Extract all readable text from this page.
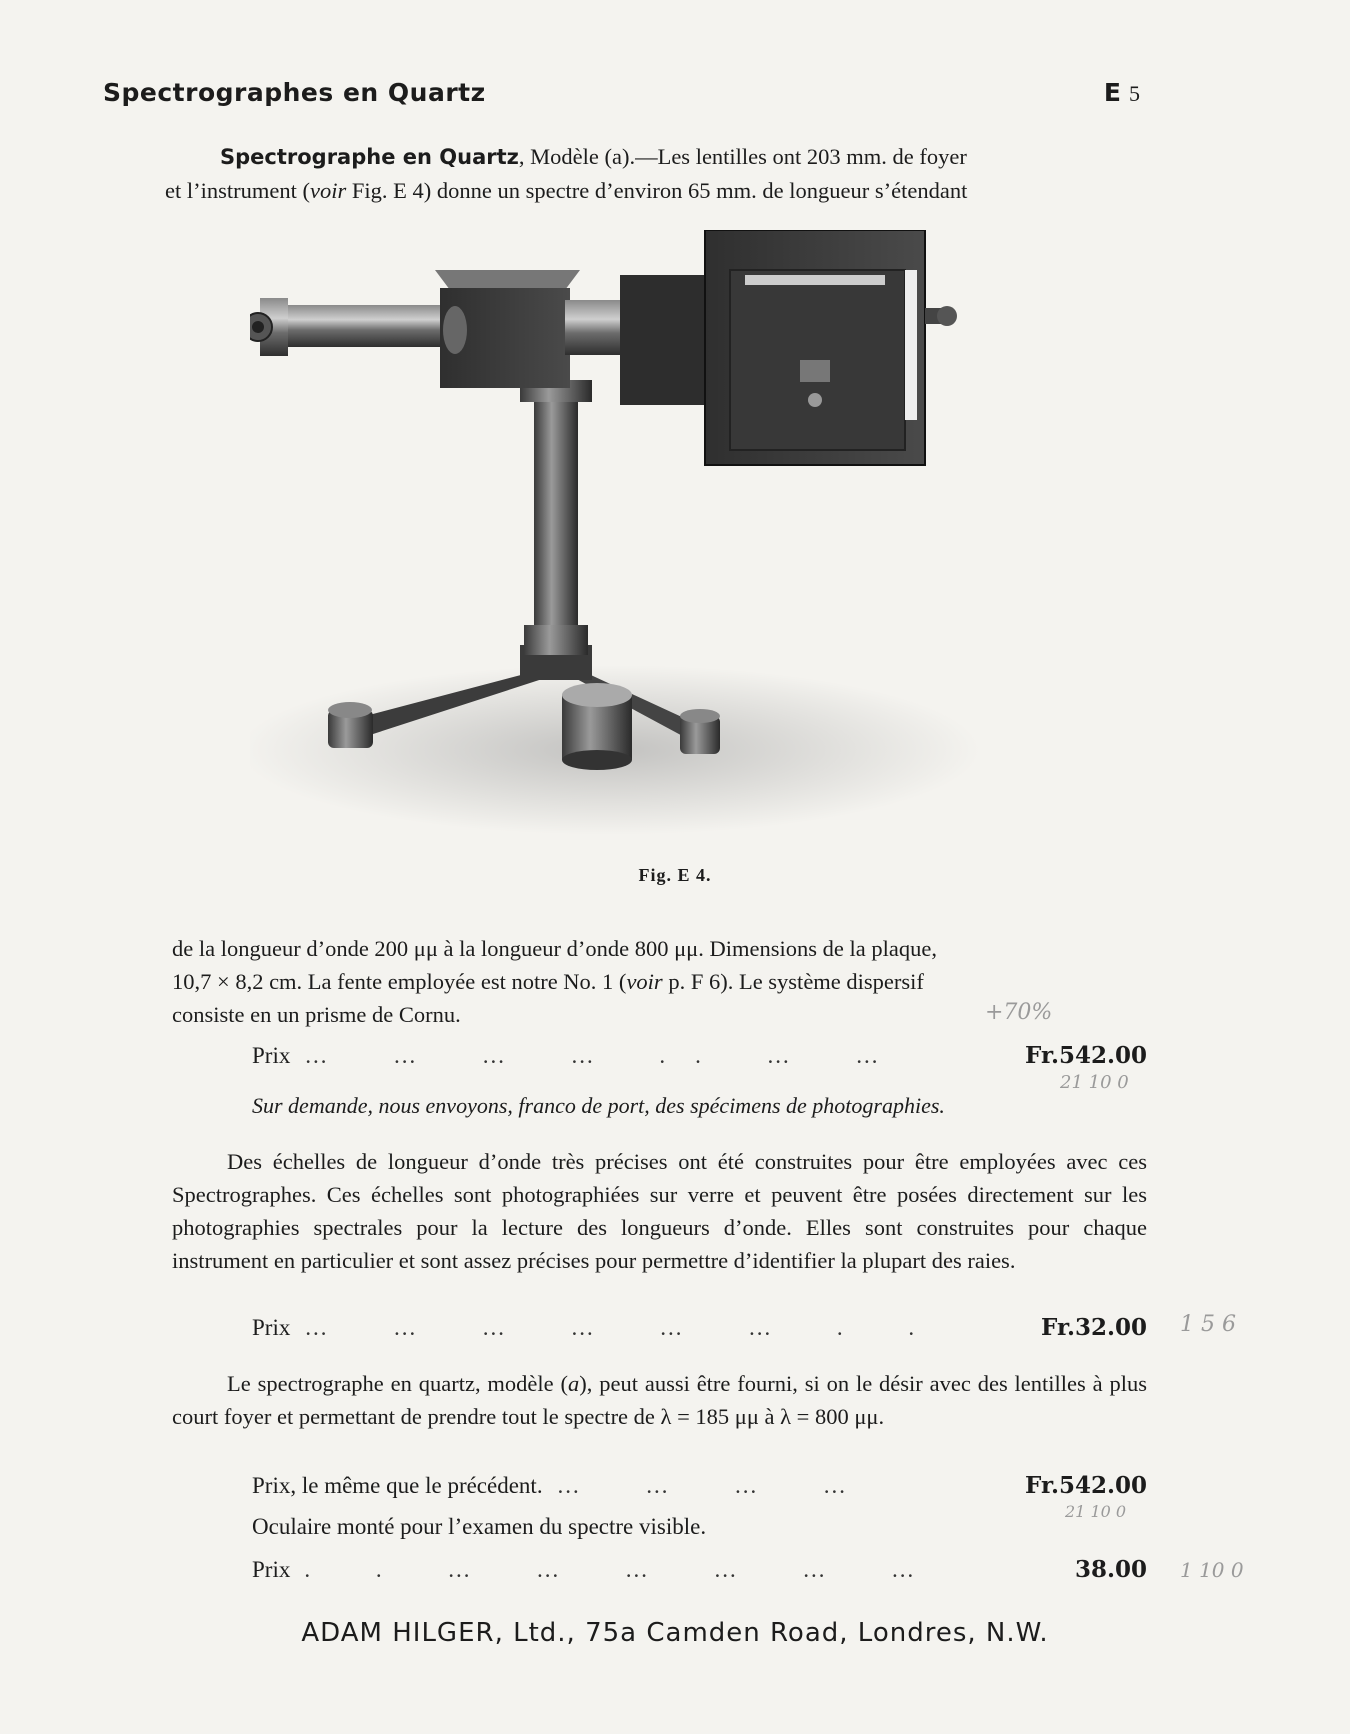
Spectrographes en Quartz	E 5
Spectrographe en Quartz, Modèle (a).—Les lentilles ont 203 mm. de foyer
et l’instrument (voir Fig. E 4) donne un spectre d’environ 65 mm. de longueur s’étendant
Fig. E 4.
de la longueur d’onde 200 μμ à la longueur d’onde 800 μμ. Dimensions de la plaque,
10,7 × 8,2 cm. La fente employée est notre No. 1 (voir p. F 6). Le système dispersif
consiste en un prisme de Cornu.
Prix … … … … .. … …	Fr.542.00
Sur demande, nous envoyons, franco de port, des spécimens de photographies.
Des échelles de longueur d’onde très précises ont été construites pour être employées avec ces Spectrographes. Ces échelles sont photographiées sur verre et peuvent être posées directement sur les photographies spectrales pour la lecture des longueurs d’onde. Elles sont construites pour chaque instrument en particulier et sont assez précises pour permettre d’identifier la plupart des raies.
Prix … … … … … … . .	Fr.32.00
Le spectrographe en quartz, modèle (a), peut aussi être fourni, si on le désir avec des lentilles à plus court foyer et permettant de prendre tout le spectre de λ = 185 μμ à λ = 800 μμ.
Prix, le même que le précédent. … … … …	Fr.542.00
Oculaire monté pour l’examen du spectre visible.
Prix . . … … … … … …	38.00
+70%
21 10 0
1 5 6
21 10 0
1 10 0
ADAM HILGER, Ltd., 75a Camden Road, Londres, N.W.
